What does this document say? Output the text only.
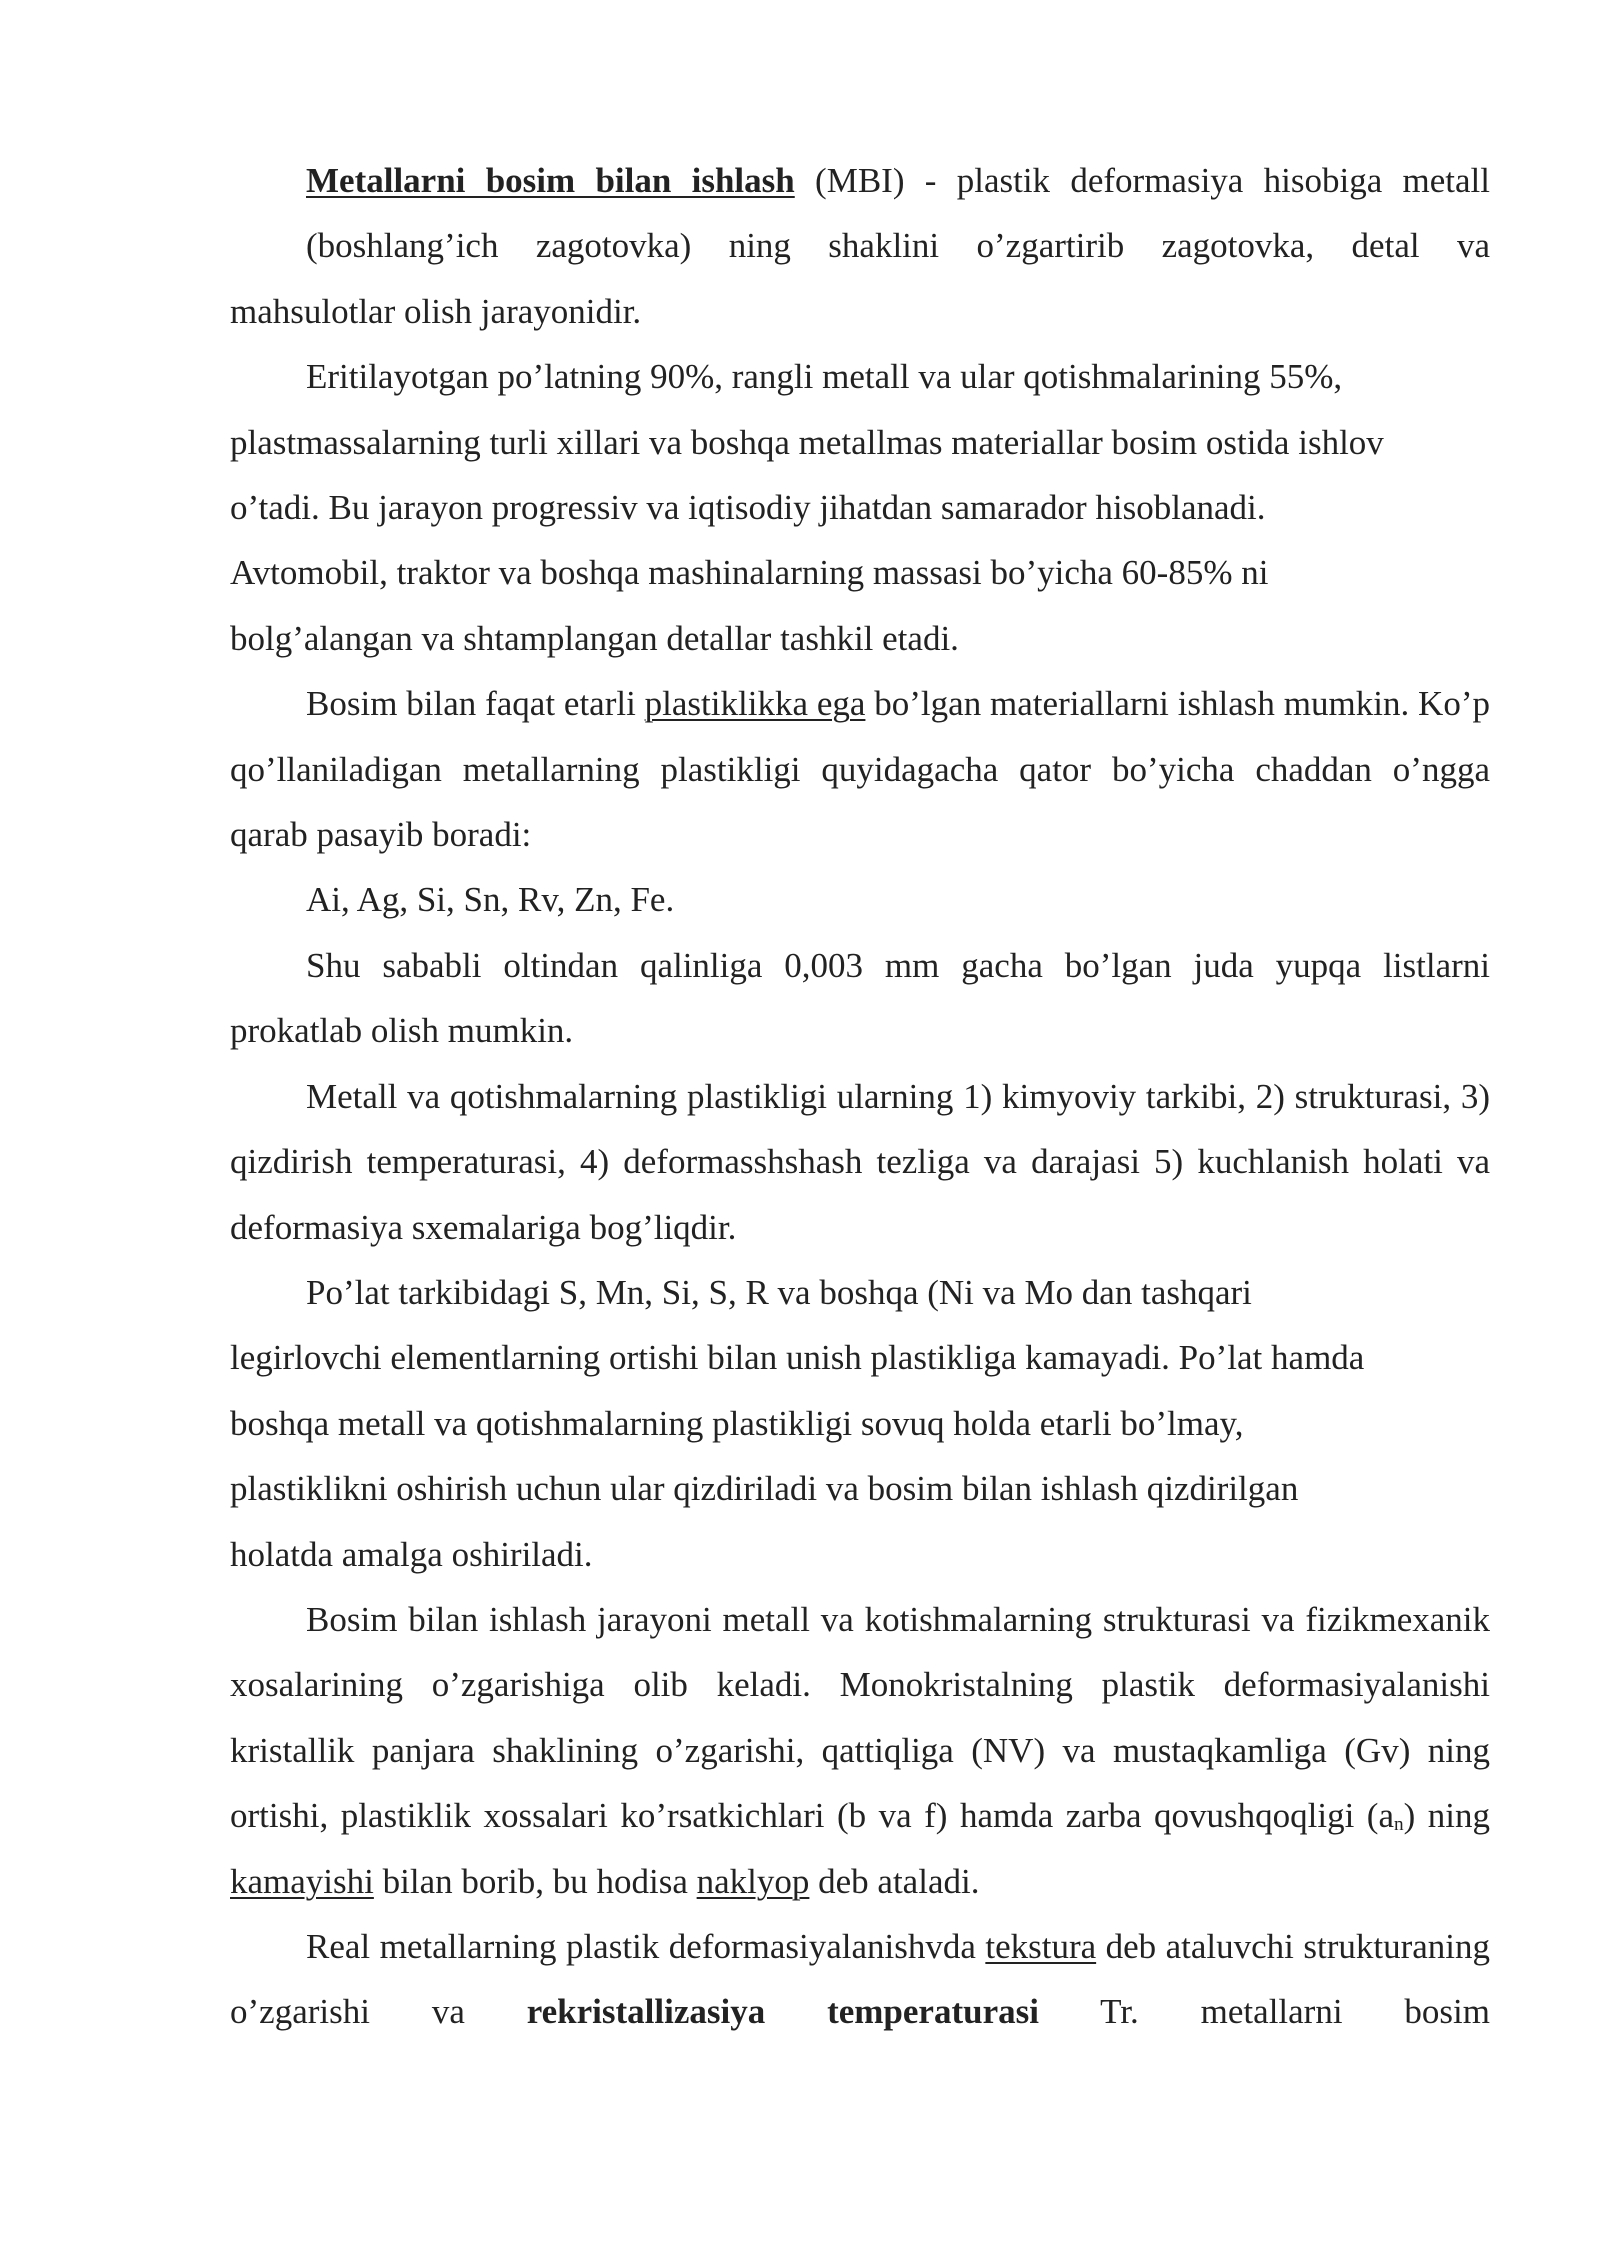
Metallarni bosim bilan ishlash (MBI) - plastik deformasiya hisobiga metall

(boshlang’ich zagotovka) ning shaklini o’zgartirib zagotovka, detal va

mahsulotlar olish jarayonidir.

Eritilayotgan po’latning 90%, rangli metall va ular qotishmalarining 55%,

plastmassalarning turli xillari va boshqa metallmas materiallar bosim ostida ishlov

o’tadi. Bu jarayon progressiv va iqtisodiy jihatdan samarador hisoblanadi.

Avtomobil, traktor va boshqa mashinalarning massasi bo’yicha 60-85% ni

bolg’alangan va shtamplangan detallar tashkil etadi.

Bosim bilan faqat etarli plastiklikka ega bo’lgan materiallarni ishlash mumkin. Ko’p qo’llaniladigan metallarning plastikligi quyidagacha qator bo’yicha chaddan o’ngga qarab pasayib boradi:

Ai, Ag, Si, Sn, Rv, Zn, Fe.

Shu sababli oltindan qalinliga 0,003 mm gacha bo’lgan juda yupqa listlarni prokatlab olish mumkin.

Metall va qotishmalarning plastikligi ularning 1) kimyoviy tarkibi, 2) strukturasi, 3) qizdirish temperaturasi, 4) deformasshshash tezliga va darajasi 5) kuchlanish holati va deformasiya sxemalariga bog’liqdir.

Po’lat tarkibidagi S, Mn, Si, S, R va boshqa (Ni va Mo dan tashqari

legirlovchi elementlarning ortishi bilan unish plastikliga kamayadi. Po’lat hamda

boshqa metall va qotishmalarning plastikligi sovuq holda etarli bo’lmay,

plastiklikni oshirish uchun ular qizdiriladi va bosim bilan ishlash qizdirilgan

holatda amalga oshiriladi.

Bosim bilan ishlash jarayoni metall va kotishmalarning strukturasi va fizikmexanik xosalarining o’zgarishiga olib keladi. Monokristalning plastik deformasiyalanishi kristallik panjara shaklining o’zgarishi, qattiqliga (NV) va mustaqkamliga (Gv) ning ortishi, plastiklik xossalari ko’rsatkichlari (b va f) hamda zarba qovushqoqligi $(a_n)$ ning kamayishi bilan borib, bu hodisa naklyop deb ataladi.

Real metallarning plastik deformasiyalanishvda tekstura deb ataluvchi strukturaning o’zgarishi va rekristallizasiya temperaturasi Tr. metallarni bosim
